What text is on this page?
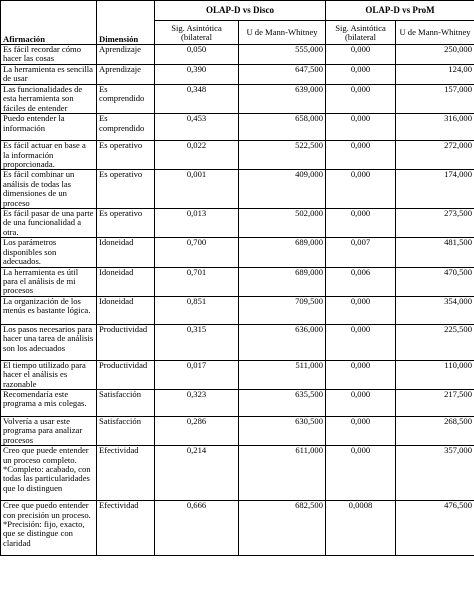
		OLAP-D vs Disco		OLAP-D vs ProM	
Afirmación	Dimensión	Sig. Asintótica (bilateral	U de Mann-Whitney	Sig. Asintótica (bilateral	U de Mann-Whitney
Es fácil recordar cómo hacer las cosas	Aprendizaje	0,050	555,000	0,000	250,000
La herramienta es sencilla de usar	Aprendizaje	0,390	647,500	0,000	124,00
Las funcionalidades de esta herramienta son fáciles de entender	Es comprendido	0,348	639,000	0,000	157,000
Puedo entender la información	Es comprendido	0,453	658,000	0,000	316,000
Es fácil actuar en base a la información proporcionada.	Es operativo	0,022	522,500	0,000	272,000
Es fácil combinar un análisis de todas las dimensiones de un proceso	Es operativo	0,001	409,000	0,000	174,000
Es fácil pasar de una parte de una funcionalidad a otra.	Es operativo	0,013	502,000	0,000	273,500
Los parámetros disponibles son adecuados.	Idoneidad	0,700	689,000	0,007	481,500
La herramienta es útil para el análisis de mi procesos	Idoneidad	0,701	689,000	0,006	470,500
La organización de los menús es bastante lógica.	Idoneidad	0,851	709,500	0,000	354,000
Los pasos necesarios para hacer una tarea de análisis son los adecuados	Productividad	0,315	636,000	0,000	225,500
El tiempo utilizado para hacer el análisis es razonable	Productividad	0,017	511,000	0,000	110,000
Recomendaría este programa a mis colegas.	Satisfacción	0,323	635,500	0,000	217,500
Volvería a usar este programa para analizar procesos	Satisfacción	0,286	630,500	0,000	268,500
Creo que puede entender un proceso completo. *Completo: acabado, con todas las particularidades que lo distinguen	Efectividad	0,214	611,000	0,000	357,000
Cree que puedo entender con precisión un proceso. *Precisión: fijo, exacto, que se distingue con claridad	Efectividad	0,666	682,500	0,0008	476,500
